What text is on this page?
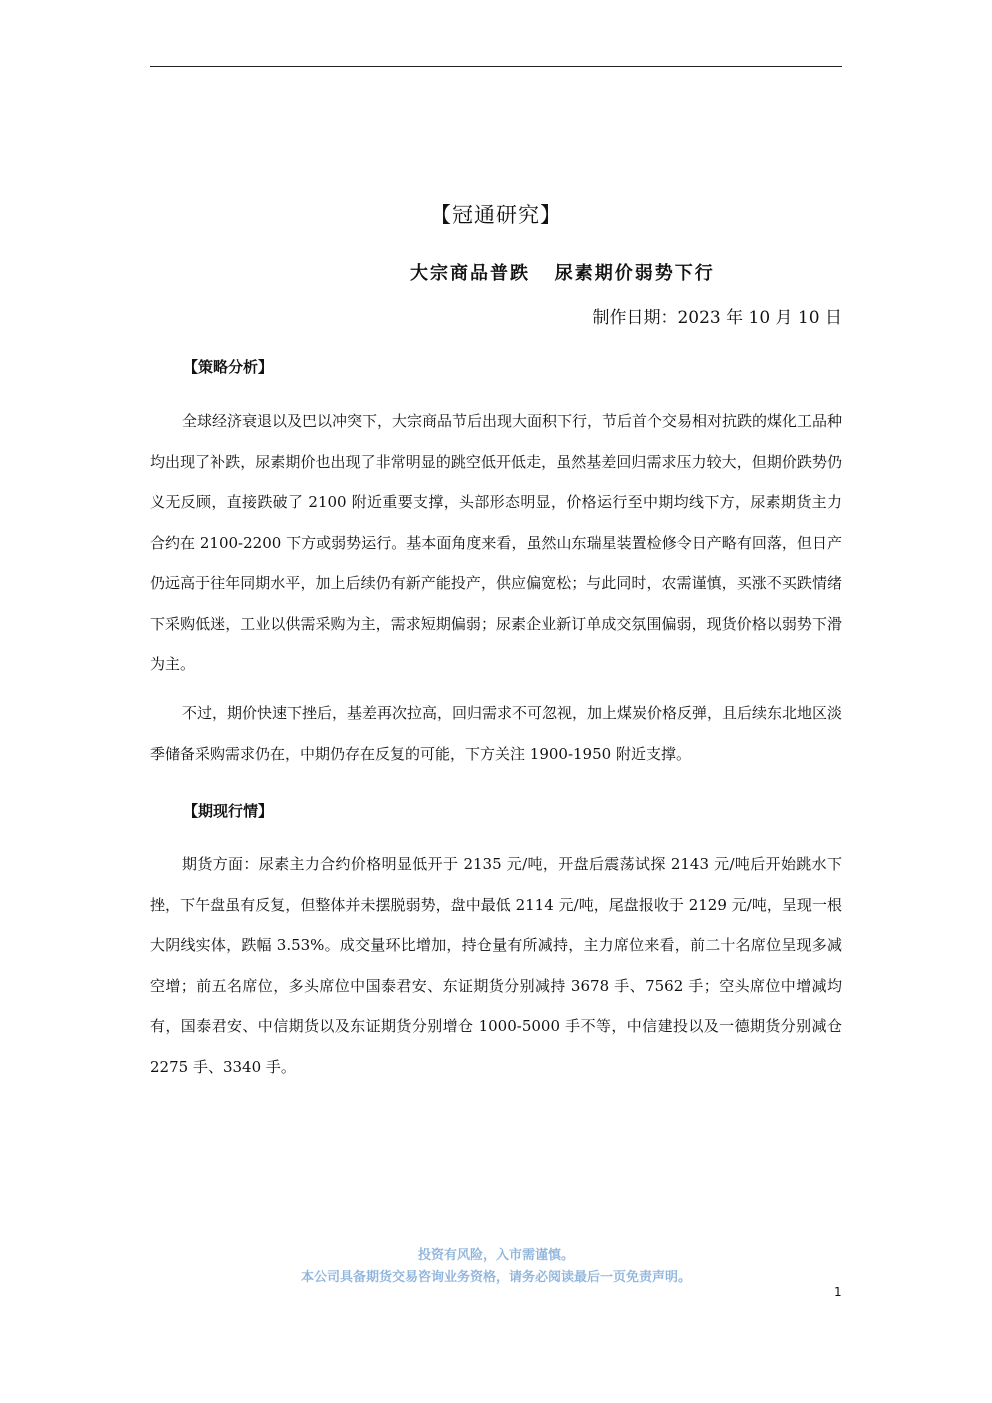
【冠通研究】
大宗商品普跌   尿素期价弱势下行
制作日期：2023 年 10 月 10 日
【策略分析】

全球经济衰退以及巴以冲突下，大宗商品节后出现大面积下行，节后首个交易相对抗跌的煤化工品种均出现了补跌，尿素期价也出现了非常明显的跳空低开低走，虽然基差回归需求压力较大，但期价跌势仍义无反顾，直接跌破了 2100 附近重要支撑，头部形态明显，价格运行至中期均线下方，尿素期货主力合约在 2100-2200 下方或弱势运行。基本面角度来看，虽然山东瑞星装置检修令日产略有回落，但日产仍远高于往年同期水平，加上后续仍有新产能投产，供应偏宽松；与此同时，农需谨慎，买涨不买跌情绪下采购低迷，工业以供需采购为主，需求短期偏弱；尿素企业新订单成交氛围偏弱，现货价格以弱势下滑为主。

不过，期价快速下挫后，基差再次拉高，回归需求不可忽视，加上煤炭价格反弹，且后续东北地区淡季储备采购需求仍在，中期仍存在反复的可能，下方关注 1900-1950 附近支撑。

【期现行情】

期货方面：尿素主力合约价格明显低开于 2135 元/吨，开盘后震荡试探 2143 元/吨后开始跳水下挫，下午盘虽有反复，但整体并未摆脱弱势，盘中最低 2114 元/吨，尾盘报收于 2129 元/吨，呈现一根大阴线实体，跌幅 3.53%。成交量环比增加，持仓量有所减持，主力席位来看，前二十名席位呈现多减空增；前五名席位，多头席位中国泰君安、东证期货分别减持 3678 手、7562 手；空头席位中增减均有，国泰君安、中信期货以及东证期货分别增仓 1000-5000 手不等，中信建投以及一德期货分别减仓 2275 手、3340 手。

投资有风险，入市需谨慎。
本公司具备期货交易咨询业务资格，请务必阅读最后一页免责声明。
1
